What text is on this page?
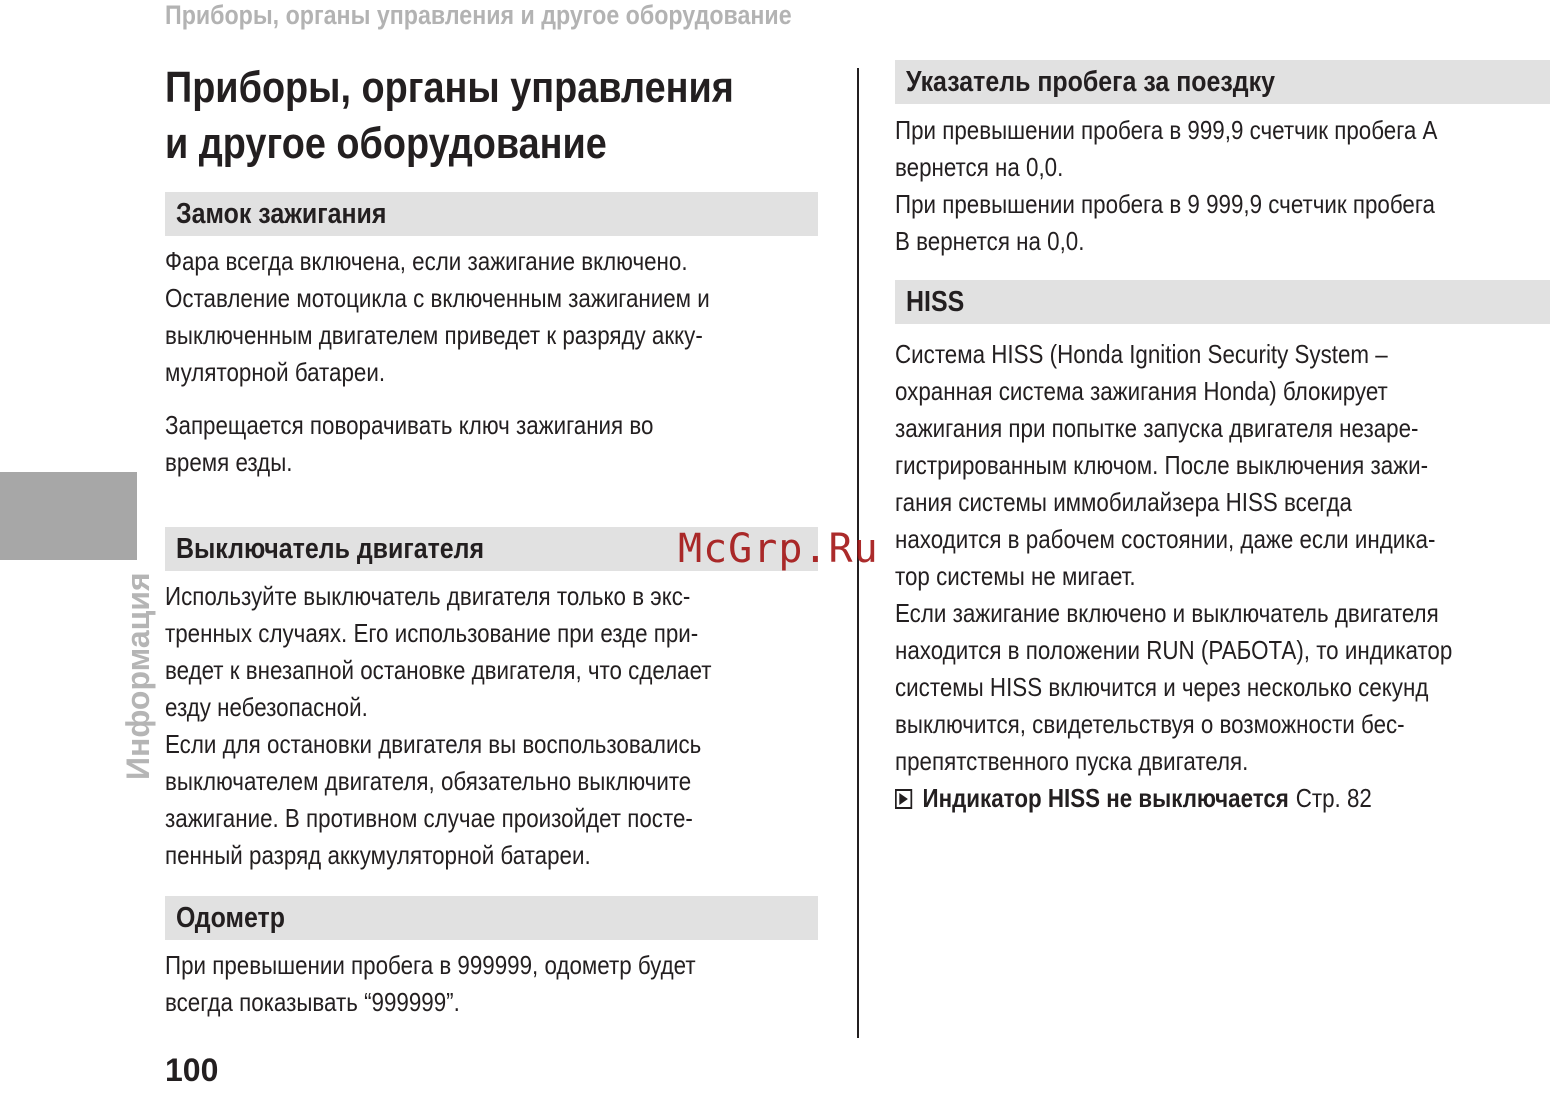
Приборы, органы управления и другое оборудование
Информация
Приборы, органы управления
и другое оборудование
Замок зажигания

Фара всегда включена, если зажигание включено.
Оставление мотоцикла с включенным зажиганием и
выключенным двигателем приведет к разряду акку-
муляторной батареи.

Запрещается поворачивать ключ зажигания во
время езды.

Выключатель двигателя

Используйте выключатель двигателя только в экс-
тренных случаях. Его использование при езде при-
ведет к внезапной остановке двигателя, что сделает
езду небезопасной.
Если для остановки двигателя вы воспользовались
выключателем двигателя, обязательно выключите
зажигание. В противном случае произойдет посте-
пенный разряд аккумуляторной батареи.

Одометр

При превышении пробега в 999999, одометр будет
всегда показывать “999999”.

Указатель пробега за поездку

При превышении пробега в 999,9 счетчик пробега A
вернется на 0,0.
При превышении пробега в 9 999,9 счетчик пробега
B вернется на 0,0.

HISS

Система HISS (Honda Ignition Security System –
охранная система зажигания Honda) блокирует
зажигания при попытке запуска двигателя незаре-
гистрированным ключом. После выключения зажи-
гания системы иммобилайзера HISS всегда
находится в рабочем состоянии, даже если индика-
тор системы не мигает.
Если зажигание включено и выключатель двигателя
находится в положении RUN (РАБОТА), то индикатор
системы HISS включится и через несколько секунд
выключится, свидетельствуя о возможности бес-
препятственного пуска двигателя.

Индикатор HISS не выключается Стр. 82
McGrp.Ru
100
